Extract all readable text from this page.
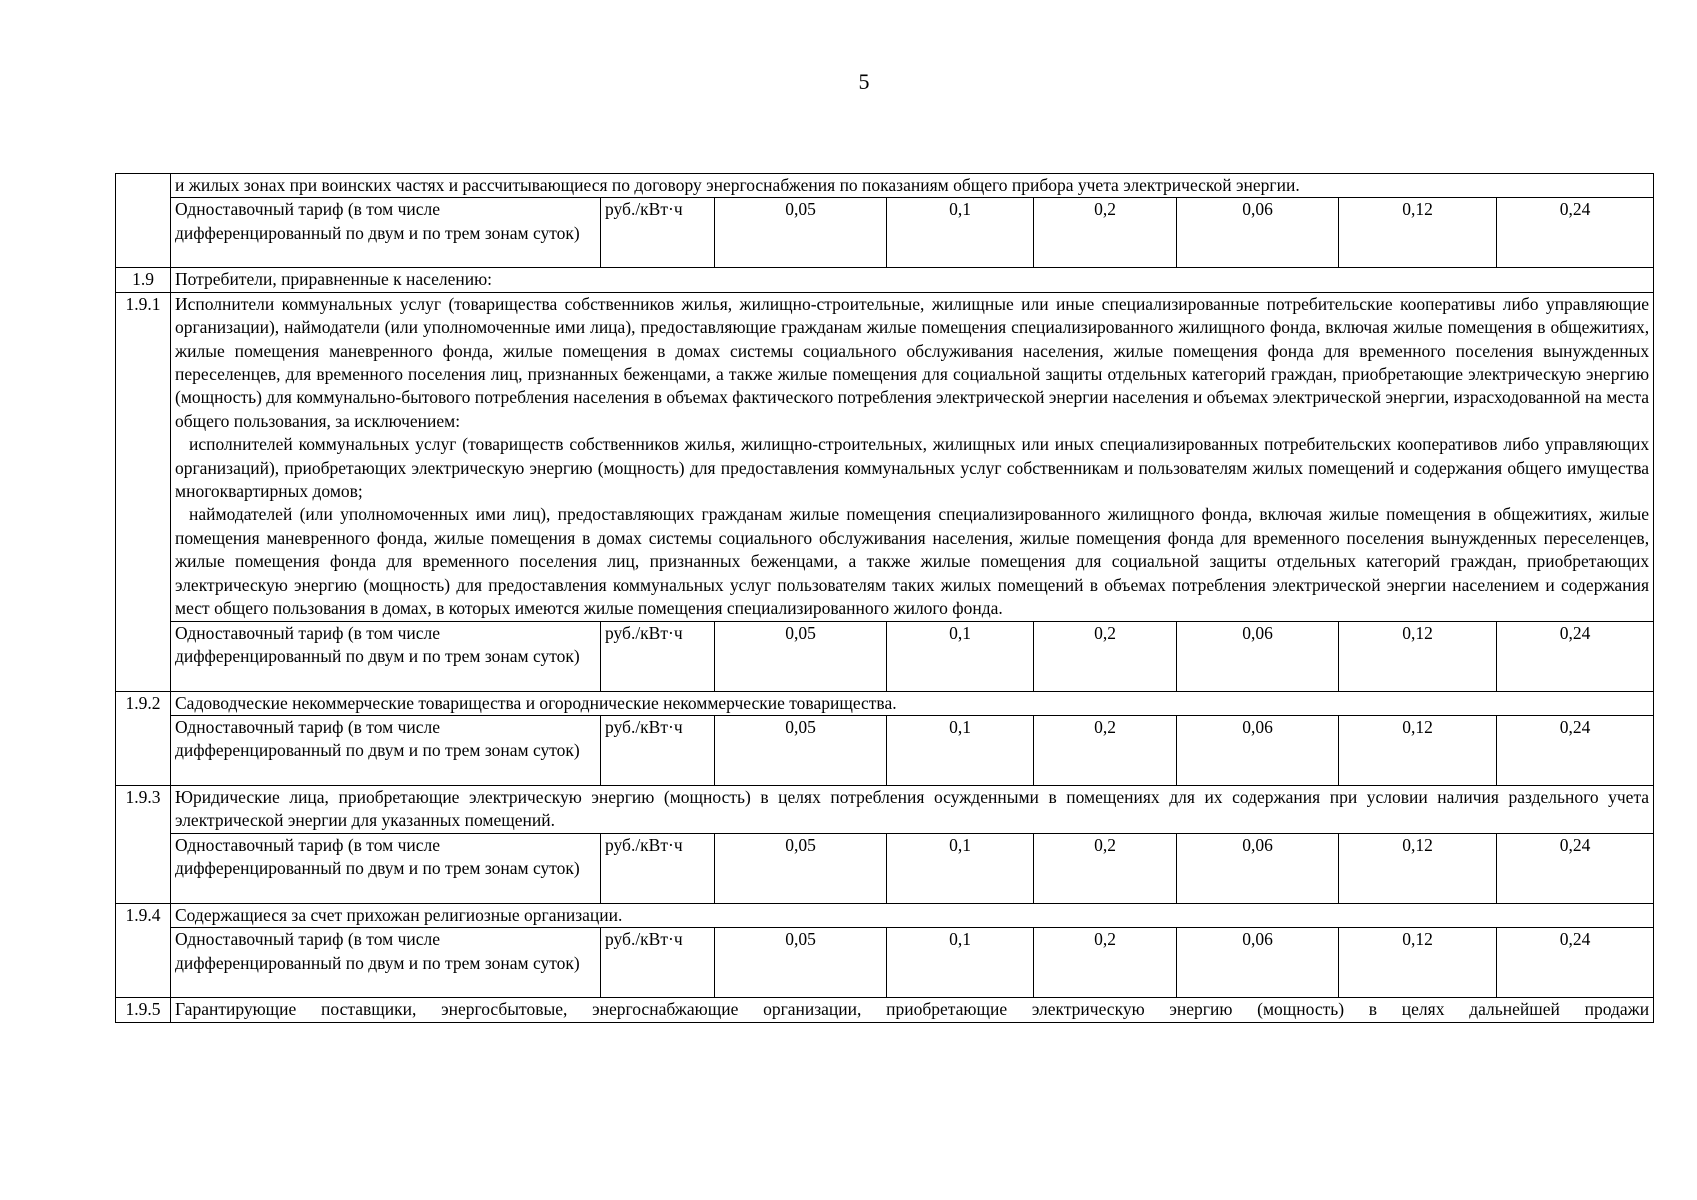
5
	и жилых зонах при воинских частях и рассчитывающиеся по договору энергоснабжения по показаниям общего прибора учета электрической энергии.							
	Одноставочный тариф (в том числе дифференцированный по двум и по трем зонам суток)	руб./кВт·ч	0,05	0,1	0,2	0,06	0,12	0,24
1.9	Потребители, приравненные к населению:							
1.9.1	Исполнители коммунальных услуг (товарищества собственников жилья, жилищно-строительные, жилищные или иные специализированные потребительские кооперативы либо управляющие организации), наймодатели (или уполномоченные ими лица), предоставляющие гражданам жилые помещения специализированного жилищного фонда, включая жилые помещения в общежитиях, жилые помещения маневренного фонда, жилые помещения в домах системы социального обслуживания населения, жилые помещения фонда для временного поселения вынужденных переселенцев, для временного поселения лиц, признанных беженцами, а также жилые помещения для социальной защиты отдельных категорий граждан, приобретающие электрическую энергию (мощность) для коммунально-бытового потребления населения в объемах фактического потребления электрической энергии населения и объемах электрической энергии, израсходованной на места общего пользования, за исключением:

исполнителей коммунальных услуг (товариществ собственников жилья, жилищно-строительных, жилищных или иных специализированных потребительских кооперативов либо управляющих организаций), приобретающих электрическую энергию (мощность) для предоставления коммунальных услуг собственникам и пользователям жилых помещений и содержания общего имущества многоквартирных домов;

наймодателей (или уполномоченных ими лиц), предоставляющих гражданам жилые помещения специализированного жилищного фонда, включая жилые помещения в общежитиях, жилые помещения маневренного фонда, жилые помещения в домах системы социального обслуживания населения, жилые помещения фонда для временного поселения вынужденных переселенцев, жилые помещения фонда для временного поселения лиц, признанных беженцами, а также жилые помещения для социальной защиты отдельных категорий граждан, приобретающих электрическую энергию (мощность) для предоставления коммунальных услуг пользователям таких жилых помещений в объемах потребления электрической энергии населением и содержания мест общего пользования в домах, в которых имеются жилые помещения специализированного жилого фонда.							

	Одноставочный тариф (в том числе дифференцированный по двум и по трем зонам суток)	руб./кВт·ч	0,05	0,1	0,2	0,06	0,12	0,24
1.9.2	Садоводческие некоммерческие товарищества и огороднические некоммерческие товарищества.							
	Одноставочный тариф (в том числе дифференцированный по двум и по трем зонам суток)	руб./кВт·ч	0,05	0,1	0,2	0,06	0,12	0,24
1.9.3	Юридические лица, приобретающие электрическую энергию (мощность) в целях потребления осужденными в помещениях для их содержания при условии наличия раздельного учета электрической энергии для указанных помещений.							
	Одноставочный тариф (в том числе дифференцированный по двум и по трем зонам суток)	руб./кВт·ч	0,05	0,1	0,2	0,06	0,12	0,24
1.9.4	Содержащиеся за счет прихожан религиозные организации.							
	Одноставочный тариф (в том числе дифференцированный по двум и по трем зонам суток)	руб./кВт·ч	0,05	0,1	0,2	0,06	0,12	0,24
1.9.5	Гарантирующие поставщики, энергосбытовые, энергоснабжающие организации, приобретающие электрическую энергию (мощность) в целях дальнейшей продажи							
